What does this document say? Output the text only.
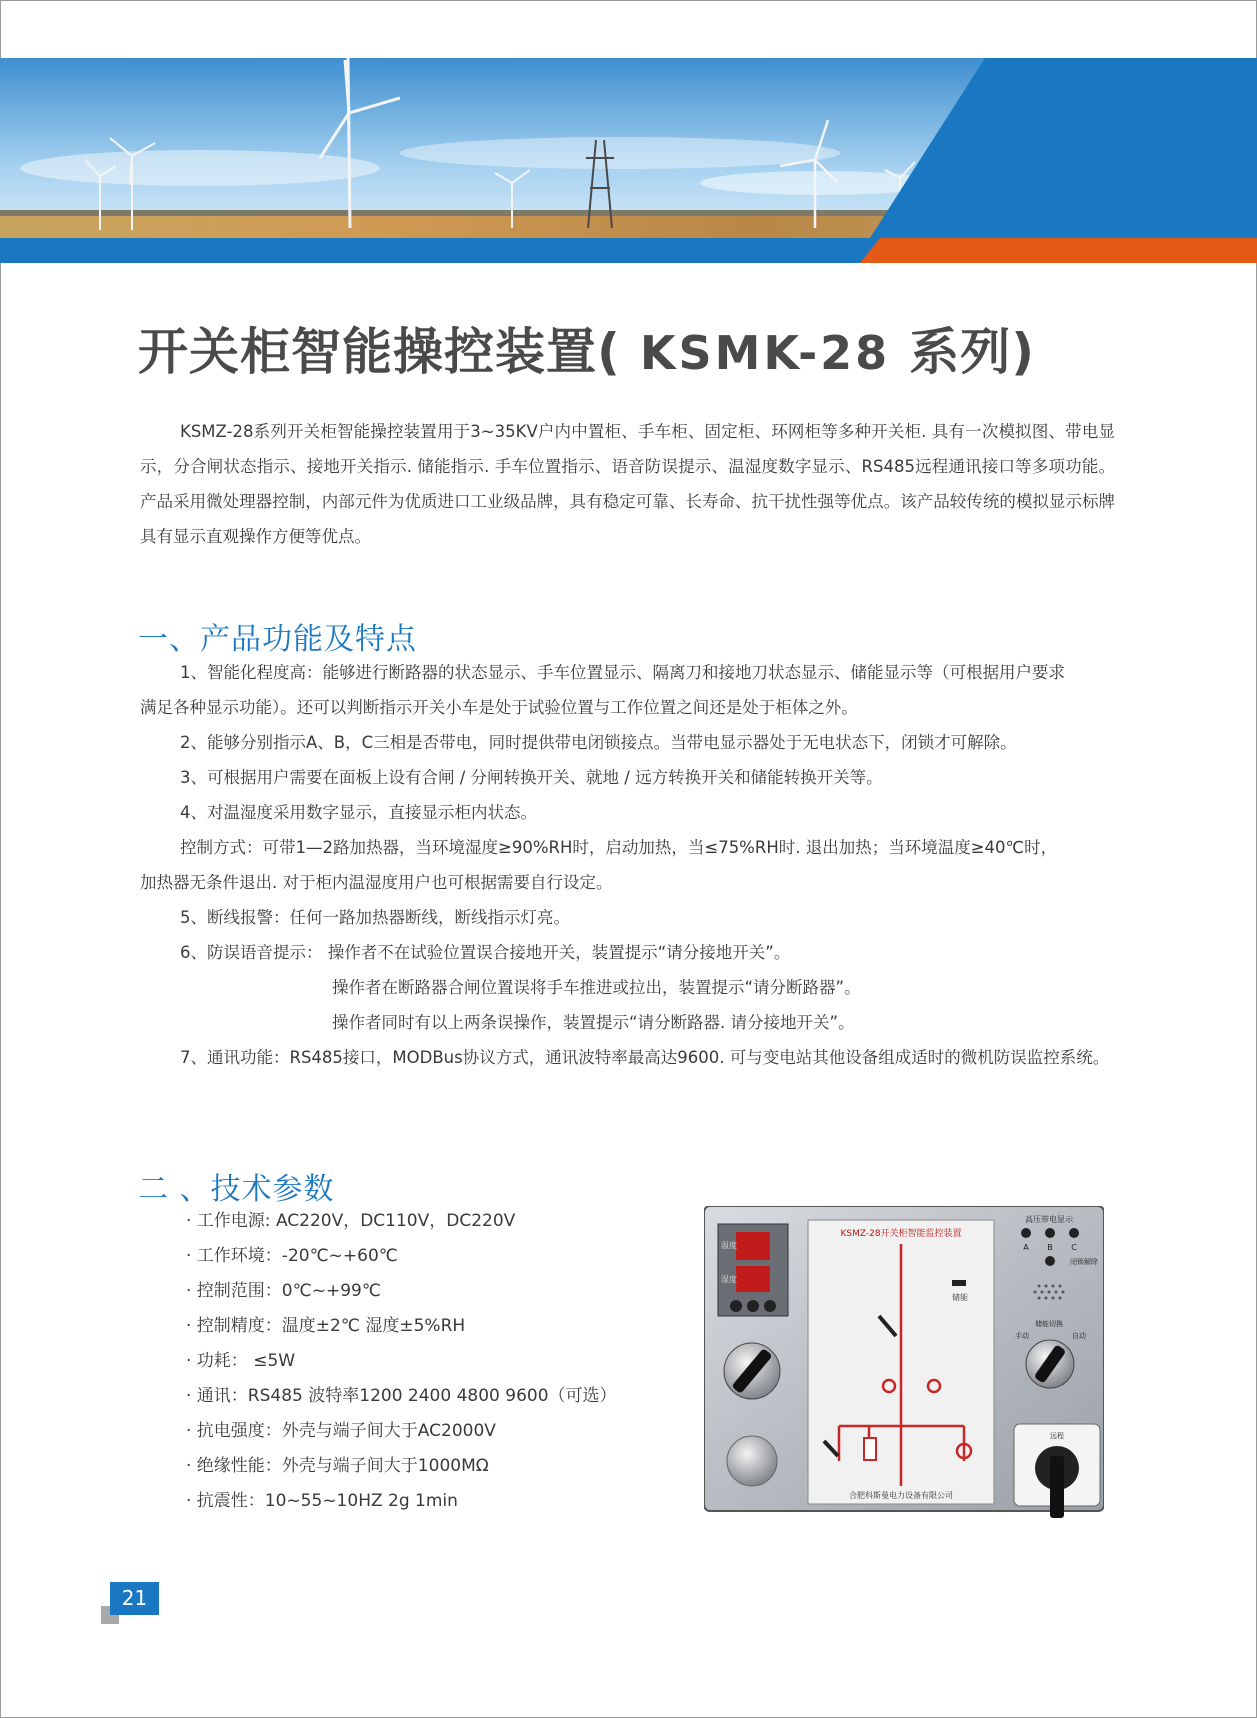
开关柜智能操控装置( KSMK-28 系列)

KSMZ-28系列开关柜智能操控装置用于3~35KV户内中置柜、手车柜、固定柜、环网柜等多种开关柜. 具有一次模拟图、带电显示，分合闸状态指示、接地开关指示. 储能指示. 手车位置指示、语音防误提示、温湿度数字显示、RS485远程通讯接口等多项功能。产品采用微处理器控制，内部元件为优质进口工业级品牌，具有稳定可靠、长寿命、抗干扰性强等优点。该产品较传统的模拟显示标牌具有显示直观操作方便等优点。

一、产品功能及特点
1、智能化程度高：能够进行断路器的状态显示、手车位置显示、隔离刀和接地刀状态显示、储能显示等（可根据用户要求
满足各种显示功能）。还可以判断指示开关小车是处于试验位置与工作位置之间还是处于柜体之外。
2、能够分别指示A、B，C三相是否带电，同时提供带电闭锁接点。当带电显示器处于无电状态下，闭锁才可解除。
3、可根据用户需要在面板上设有合闸 / 分闸转换开关、就地 / 远方转换开关和储能转换开关等。
4、对温湿度采用数字显示，直接显示柜内状态。
控制方式：可带1—2路加热器，当环境湿度≥90%RH时，启动加热，当≤75%RH时. 退出加热；当环境温度≥40℃时，
加热器无条件退出. 对于柜内温湿度用户也可根据需要自行设定。
5、断线报警：任何一路加热器断线，断线指示灯亮。
6、防误语音提示： 操作者不在试验位置误合接地开关，装置提示“请分接地开关”。
操作者在断路器合闸位置误将手车推进或拉出，装置提示“请分断路器”。
操作者同时有以上两条误操作，装置提示“请分断路器. 请分接地开关”。
7、通讯功能：RS485接口，MODBus协议方式，通讯波特率最高达9600. 可与变电站其他设备组成适时的微机防误监控系统。
二 、技术参数
· 工作电源: AC220V，DC110V，DC220V
· 工作环境：-20℃~+60℃
· 控制范围：0℃~+99℃
· 控制精度：温度±2℃ 湿度±5%RH
· 功耗： ≤5W
· 通讯：RS485 波特率1200 2400 4800 9600（可选）
· 抗电强度：外壳与端子间大于AC2000V
· 绝缘性能：外壳与端子间大于1000MΩ
· 抗震性：10~55~10HZ 2g 1min
温度
湿度
KSMZ-28开关柜智能监控装置
储能
合肥科斯曼电力设备有限公司
高压带电显示
A B C
闭锁解除
储能切换
手动	自动
远程
21
